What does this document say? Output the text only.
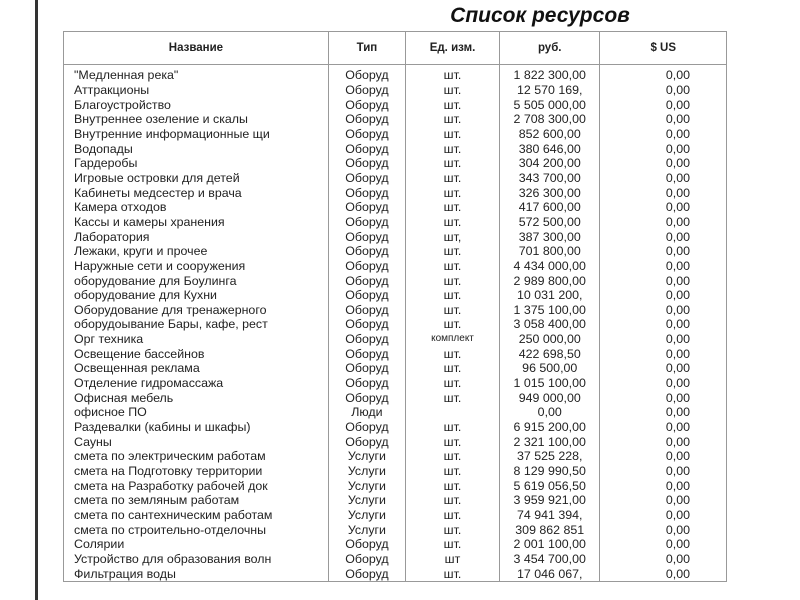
Список ресурсов
Название	Тип	Ед. изм.	руб.	$ US
"Медленная река"	Оборуд	шт.	1 822 300,00	0,00
Аттракционы	Оборуд	шт.	12 570 169,	0,00
Благоустройство	Оборуд	шт.	5 505 000,00	0,00
Внутреннее озеление и скалы	Оборуд	шт.	2 708 300,00	0,00
Внутренние информационные щи	Оборуд	шт.	852 600,00	0,00
Водопады	Оборуд	шт.	380 646,00	0,00
Гардеробы	Оборуд	шт.	304 200,00	0,00
Игровые островки для детей	Оборуд	шт.	343 700,00	0,00
Кабинеты медсестер и врача	Оборуд	шт.	326 300,00	0,00
Камера отходов	Оборуд	шт.	417 600,00	0,00
Кассы и камеры хранения	Оборуд	шт.	572 500,00	0,00
Лаборатория	Оборуд	шт,	387 300,00	0,00
Лежаки, круги и прочее	Оборуд	шт.	701 800,00	0,00
Наружные сети и сооружения	Оборуд	шт.	4 434 000,00	0,00
оборудование для Боулинга	Оборуд	шт.	2 989 800,00	0,00
оборудование для Кухни	Оборуд	шт.	10 031 200,	0,00
Оборудование для тренажерного	Оборуд	шт.	1 375 100,00	0,00
оборудоывание Бары, кафе, рест	Оборуд	шт.	3 058 400,00	0,00
Орг техника	Оборуд	комплект	250 000,00	0,00
Освещение бассейнов	Оборуд	шт.	422 698,50	0,00
Освещенная реклама	Оборуд	шт.	96 500,00	0,00
Отделение гидромассажа	Оборуд	шт.	1 015 100,00	0,00
Офисная мебель	Оборуд	шт.	949 000,00	0,00
офисное ПО	Люди		0,00	0,00
Раздевалки (кабины и шкафы)	Оборуд	шт.	6 915 200,00	0,00
Сауны	Оборуд	шт.	2 321 100,00	0,00
смета по электрическим работам	Услуги	шт.	37 525 228,	0,00
смета на Подготовку территории	Услуги	шт.	8 129 990,50	0,00
смета на Разработку рабочей док	Услуги	шт.	5 619 056,50	0,00
смета по земляным работам	Услуги	шт.	3 959 921,00	0,00
смета по сантехническим работам	Услуги	шт.	74 941 394,	0,00
смета по строительно-отделочны	Услуги	шт.	309 862 851	0,00
Солярии	Оборуд	шт.	2 001 100,00	0,00
Устройство для образования волн	Оборуд	шт	3 454 700,00	0,00
Фильтрация воды	Оборуд	шт.	17 046 067,	0,00
